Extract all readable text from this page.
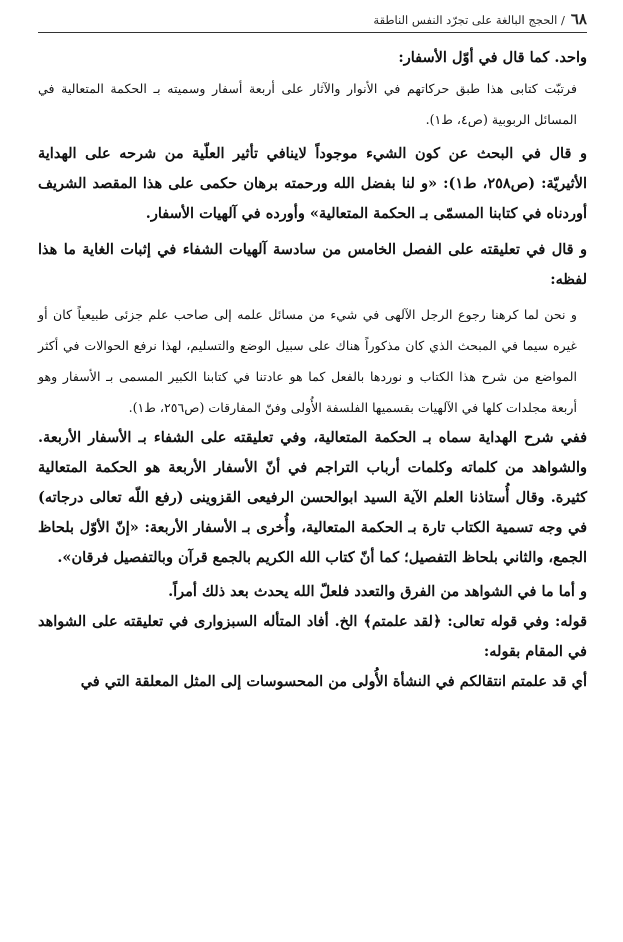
٦٨
/ الحجج البالغة على تجرّد النفس الناطقة

واحد. كما قال في أوّل الأسفار:

فرتبّت كتابى هذا طبق حركاتهم في الأنوار والآثار على أربعة أسفار وسميته بـ الحكمة المتعالية في المسائل الربوبية (ص٤، ط١).

و قال في البحث عن كون الشيء موجوداً لاينافي تأثير العلّية من شرحه على الهداية الأثيريّة: (ص٢٥٨، ط١): «و لنا بفضل الله ورحمته برهان حكمى على هذا المقصد الشريف أوردناه في كتابنا المسمّى بـ الحكمة المتعالية» وأورده في آلهيات الأسفار.

و قال في تعليقته على الفصل الخامس من سادسة آلهيات الشفاء في إثبات الغاية ما هذا لفظه:

و نحن لما كرهنا رجوع الرجل الآلهى في شيء من مسائل علمه إلى صاحب علم جزئى طبيعياً كان أو غيره سيما في المبحث الذي كان مذكوراً هناك على سبيل الوضع والتسليم، لهذا نرفع الحوالات في أكثر المواضع من شرح هذا الكتاب و نوردها بالفعل كما هو عادتنا في كتابنا الكبير المسمى بـ الأسفار وهو أربعة مجلدات كلها في الآلهيات بقسميها الفلسفة الأُولى وفنّ المفارقات (ص٢٥٦، ط١).

ففي شرح الهداية سماه بـ الحكمة المتعالية، وفي تعليقته على الشفاء بـ الأسفار الأربعة. والشواهد من كلماته وكلمات أرباب التراجم في أنّ الأسفار الأربعة هو الحكمة المتعالية كثيرة. وقال أُستاذنا العلم الآية السيد ابوالحسن الرفيعى القزوينى (رفع اللّه تعالى درجاته) في وجه تسمية الكتاب تارة بـ الحكمة المتعالية، وأُخرى بـ الأسفار الأربعة: «إنّ الأوّل بلحاظ الجمع، والثاني بلحاظ التفصيل؛ كما أنّ كتاب الله الكريم بالجمع قرآن وبالتفصيل فرقان».

و أما ما في الشواهد من الفرق والتعدد فلعلّ الله يحدث بعد ذلك أمراً.

قوله: وفي قوله تعالى: ﴿لقد علمتم﴾ الخ. أفاد المتأله السبزوارى في تعليقته على الشواهد في المقام بقوله:

أي قد علمتم انتقالكم في النشأة الأُولى من المحسوسات إلى المثل المعلقة التي في
